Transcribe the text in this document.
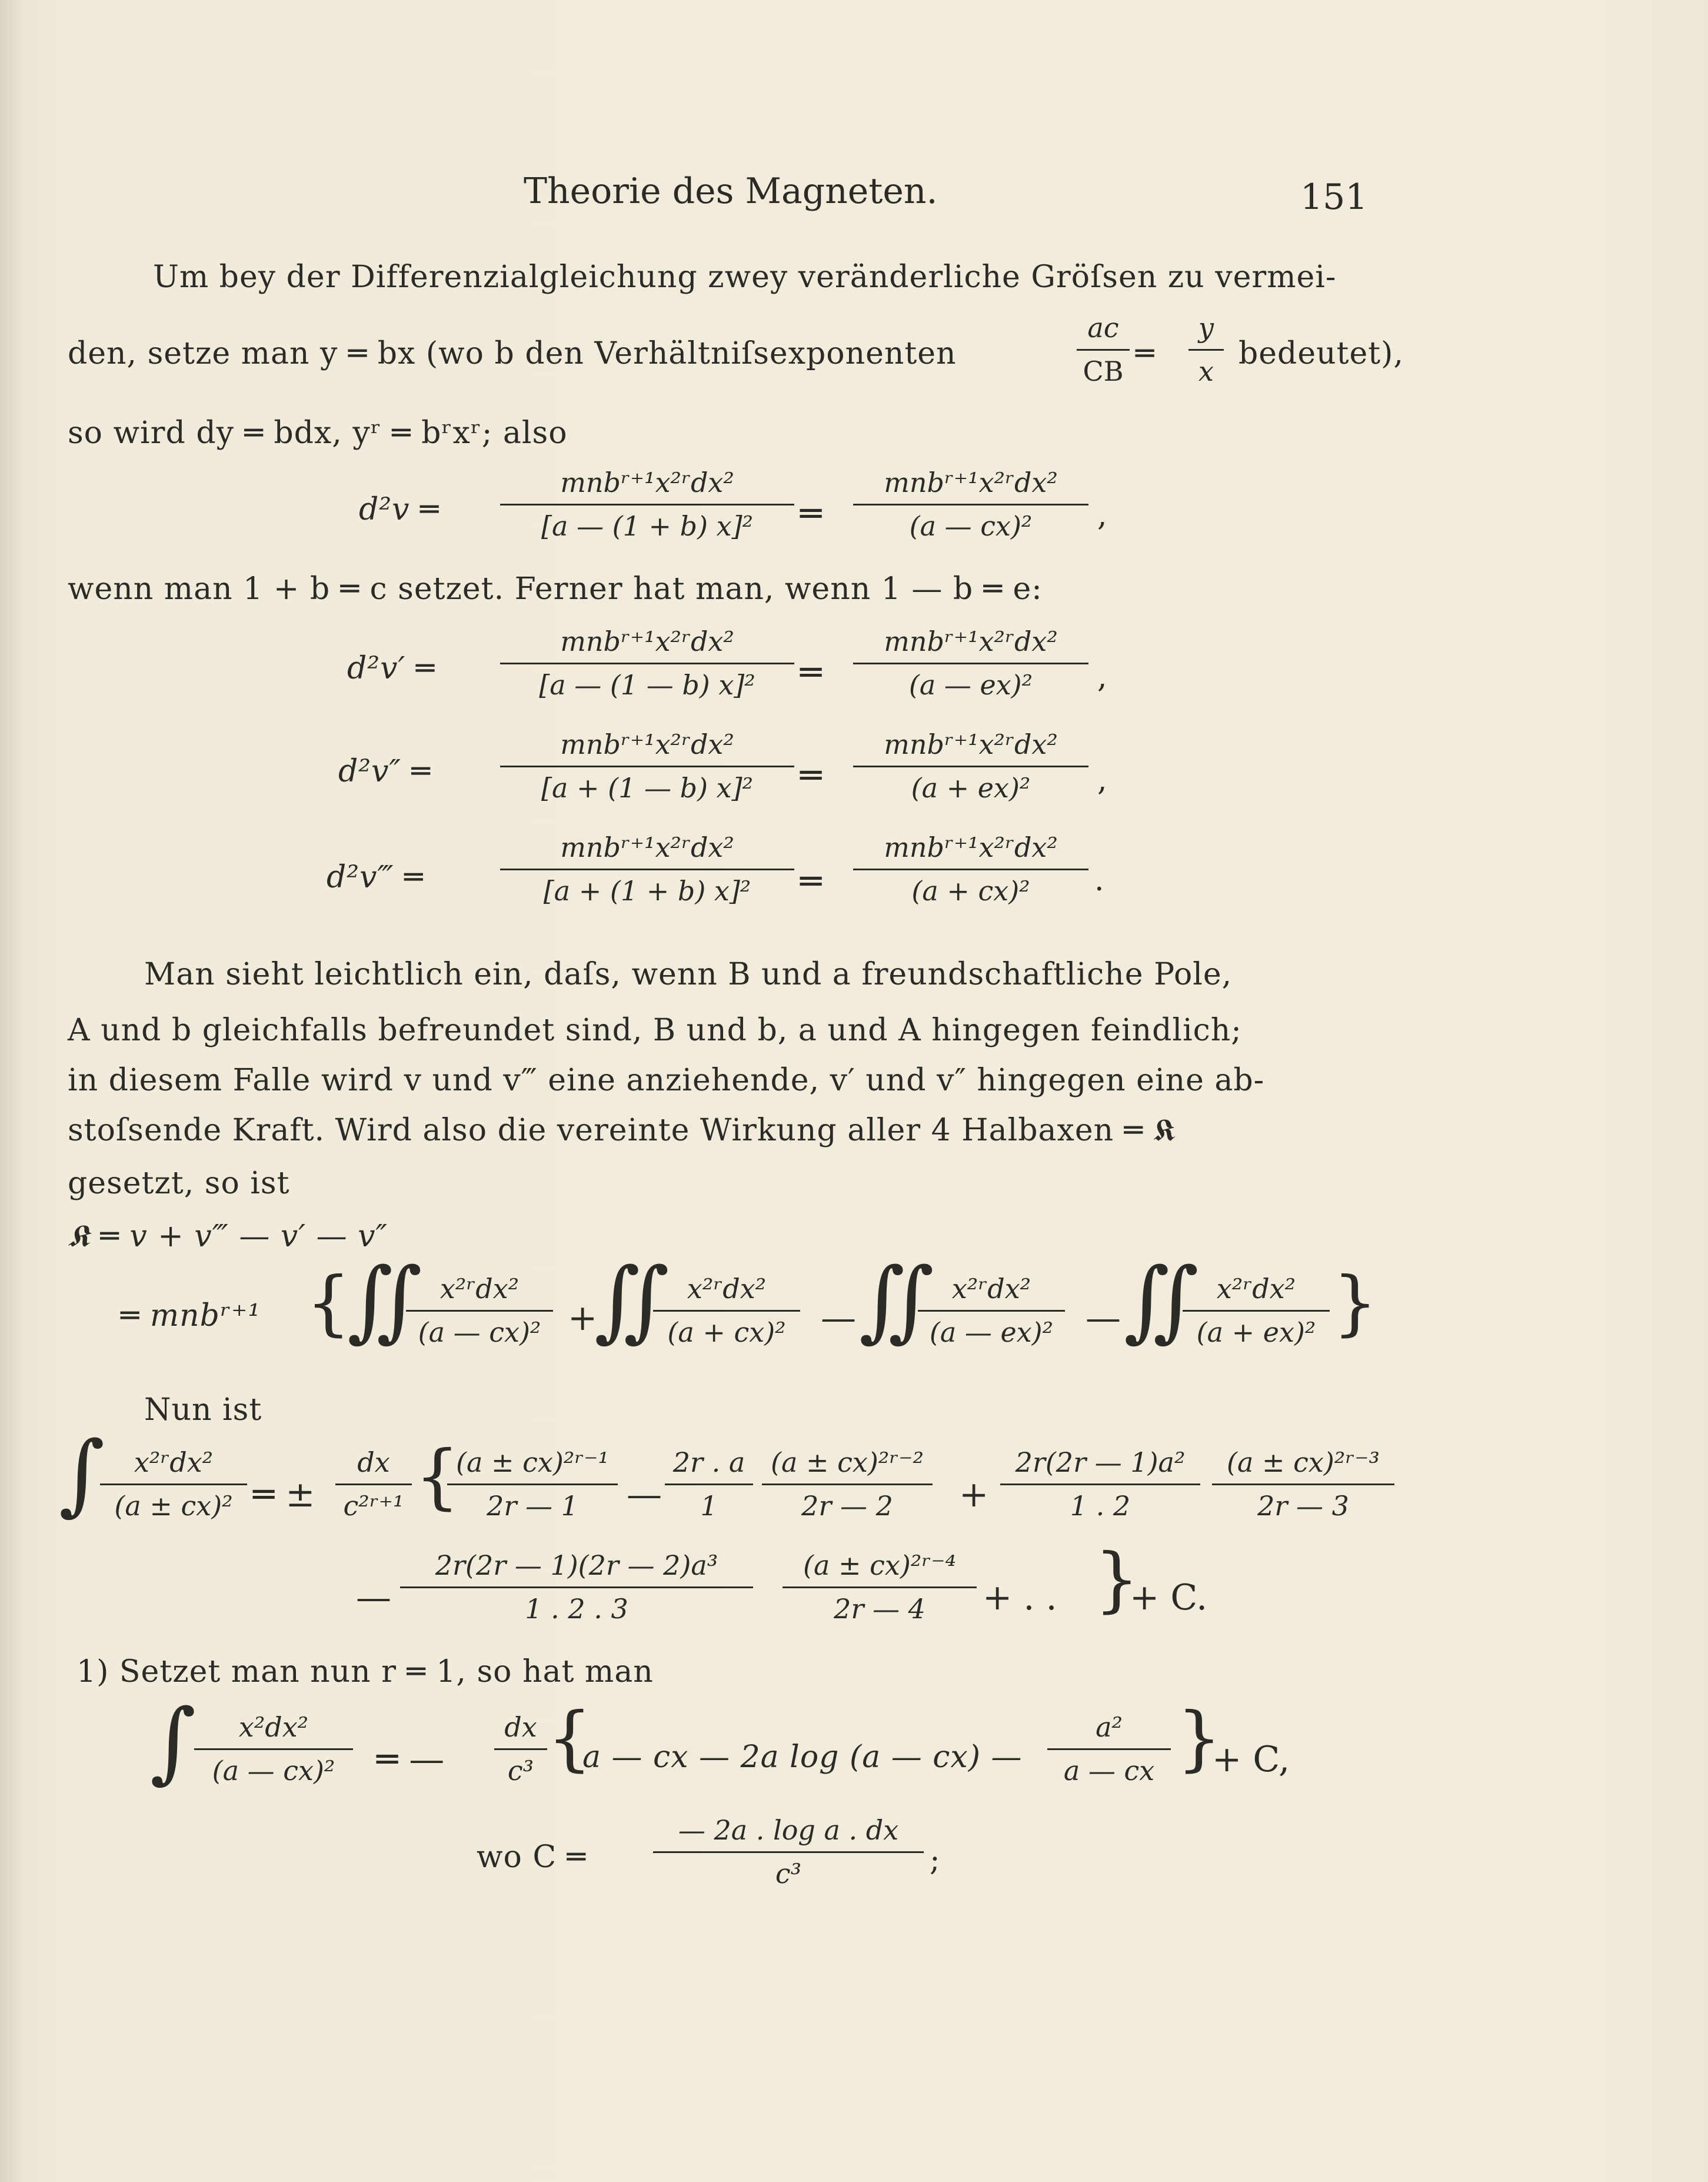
Theorie des Magneten.	151
Um bey der Differenzialgleichung zwey veränderliche Gröſsen zu vermei-
den, setze man y ═ bx (wo b den Verhältniſsexponenten
ac
CB ═
y
x bedeutet),
so wird dy ═ bdx, yʳ ═ bʳxʳ; also
d²v ═
mnbʳ⁺¹x²ʳdx²
[a — (1 + b) x]²	═
mnbʳ⁺¹x²ʳdx²
(a — cx)²	,
wenn man 1 + b ═ c setzet. Ferner hat man, wenn 1 — b ═ e:
d²v′ ═
mnbʳ⁺¹x²ʳdx²
[a — (1 — b) x]²	═
mnbʳ⁺¹x²ʳdx²
(a — ex)²	,
d²v″ ═
mnbʳ⁺¹x²ʳdx²
[a + (1 — b) x]²	═
mnbʳ⁺¹x²ʳdx²
(a + ex)²	,
d²v‴ ═
mnbʳ⁺¹x²ʳdx²
[a + (1 + b) x]²	═
mnbʳ⁺¹x²ʳdx²
(a + cx)²	.
Man sieht leichtlich ein, daſs, wenn B und a freundschaftliche Pole,
A und b gleichfalls befreundet sind, B und b, a und A hingegen feindlich;
in diesem Falle wird v und v‴ eine anziehende, v′ und v″ hingegen eine ab-
stoſsende Kraft. Wird also die vereinte Wirkung aller 4 Halbaxen ═ 𝕶
gesetzt, so ist
𝕶 ═ v + v‴ — v′ — v″
═ mnbʳ⁺¹ {
∬ x²ʳdx²
(a — cx)² +
∬ x²ʳdx²
(a + cx)² — ∬ x²ʳdx²
(a — ex)² — ∬ x²ʳdx²
(a + ex)² }
Nun ist
∫	x²ʳdx²
(a ± cx)² ═ ±
dx
c²ʳ⁺¹ {
(a ± cx)²ʳ⁻¹
2r — 1	—
2r . a
1
(a ± cx)²ʳ⁻²
2r — 2	+
2r(2r — 1)a²
1 . 2
(a ± cx)²ʳ⁻³
2r — 3
—
2r(2r — 1)(2r — 2)a³
1 . 2 . 3
(a ± cx)²ʳ⁻⁴
2r — 4	+ . . }
+ C.
1) Setzet man nun r ═ 1, so hat man
∫	x²dx²
(a — cx)²	═ —
dx
c³ {
a — cx — 2a log (a — cx) —
a²
a — cx }
+ C,
wo C ═
— 2a . log a . dx
c³	;
